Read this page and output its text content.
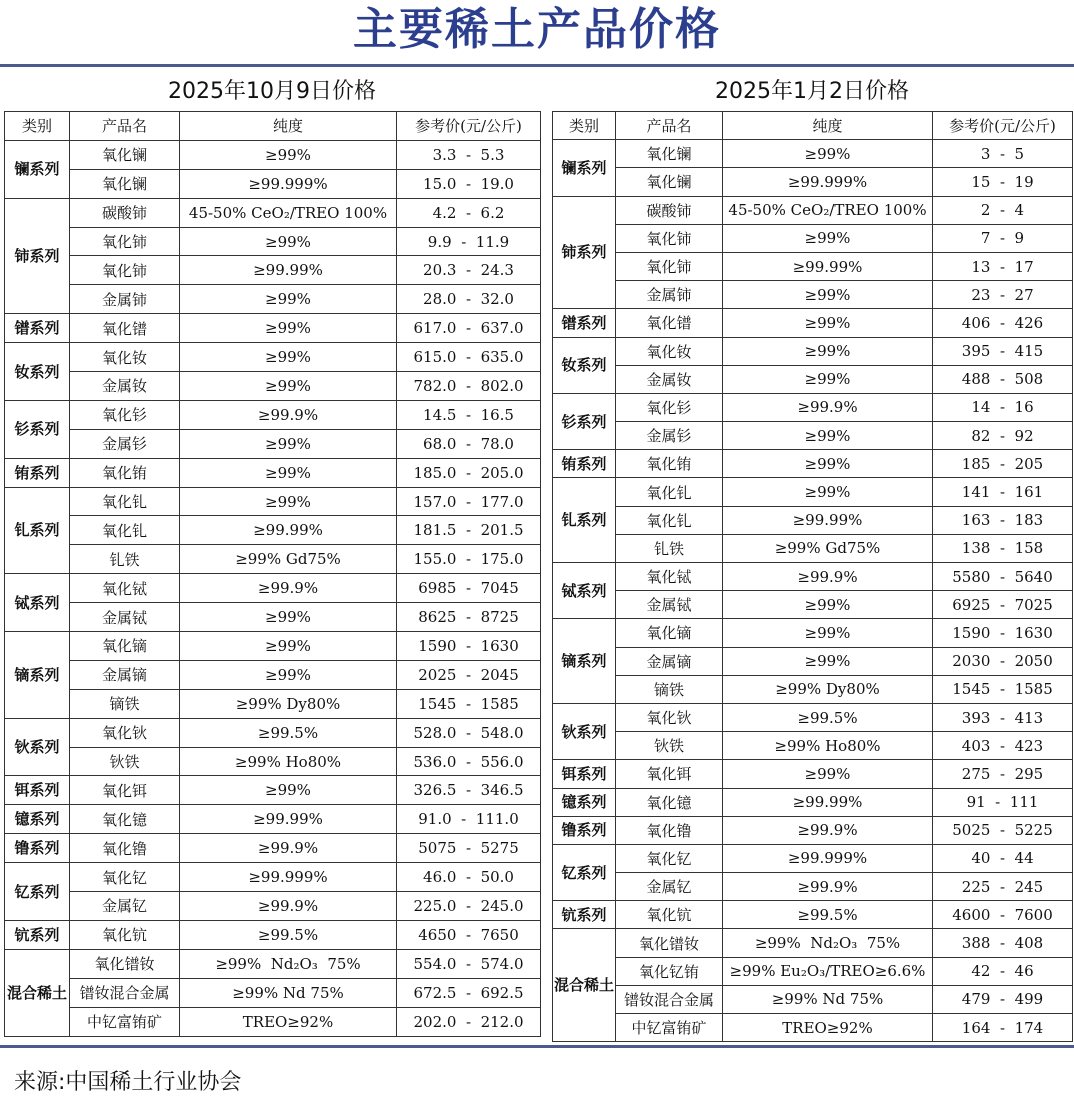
主要稀土产品价格
2025年10月9日价格	2025年1月2日价格
类别	产品名	纯度	参考价(元/公斤)
镧系列	氧化镧	≥99%	3.3  -  5.3
	氧化镧	≥99.999%	15.0  -  19.0
铈系列	碳酸铈	45-50% CeO₂/TREO 100%	4.2  -  6.2
	氧化铈	≥99%	9.9  -  11.9
	氧化铈	≥99.99%	20.3  -  24.3
	金属铈	≥99%	28.0  -  32.0
镨系列	氧化镨	≥99%	617.0  -  637.0
钕系列	氧化钕	≥99%	615.0  -  635.0
	金属钕	≥99%	782.0  -  802.0
钐系列	氧化钐	≥99.9%	14.5  -  16.5
	金属钐	≥99%	68.0  -  78.0
铕系列	氧化铕	≥99%	185.0  -  205.0
钆系列	氧化钆	≥99%	157.0  -  177.0
	氧化钆	≥99.99%	181.5  -  201.5
	钆铁	≥99% Gd75%	155.0  -  175.0
铽系列	氧化铽	≥99.9%	6985  -  7045
	金属铽	≥99%	8625  -  8725
镝系列	氧化镝	≥99%	1590  -  1630
	金属镝	≥99%	2025  -  2045
	镝铁	≥99% Dy80%	1545  -  1585
钬系列	氧化钬	≥99.5%	528.0  -  548.0
	钬铁	≥99% Ho80%	536.0  -  556.0
铒系列	氧化铒	≥99%	326.5  -  346.5
镱系列	氧化镱	≥99.99%	91.0  -  111.0
镥系列	氧化镥	≥99.9%	5075  -  5275
钇系列	氧化钇	≥99.999%	46.0  -  50.0
	金属钇	≥99.9%	225.0  -  245.0
钪系列	氧化钪	≥99.5%	4650  -  7650
混合稀土	氧化镨钕	≥99%  Nd₂O₃  75%	554.0  -  574.0
	镨钕混合金属	≥99% Nd 75%	672.5  -  692.5
	中钇富铕矿	TREO≥92%	202.0  -  212.0
类别	产品名	纯度	参考价(元/公斤)
镧系列	氧化镧	≥99%	3  -  5
	氧化镧	≥99.999%	15  -  19
铈系列	碳酸铈	45-50% CeO₂/TREO 100%	2  -  4
	氧化铈	≥99%	7  -  9
	氧化铈	≥99.99%	13  -  17
	金属铈	≥99%	23  -  27
镨系列	氧化镨	≥99%	406  -  426
钕系列	氧化钕	≥99%	395  -  415
	金属钕	≥99%	488  -  508
钐系列	氧化钐	≥99.9%	14  -  16
	金属钐	≥99%	82  -  92
铕系列	氧化铕	≥99%	185  -  205
钆系列	氧化钆	≥99%	141  -  161
	氧化钆	≥99.99%	163  -  183
	钆铁	≥99% Gd75%	138  -  158
铽系列	氧化铽	≥99.9%	5580  -  5640
	金属铽	≥99%	6925  -  7025
镝系列	氧化镝	≥99%	1590  -  1630
	金属镝	≥99%	2030  -  2050
	镝铁	≥99% Dy80%	1545  -  1585
钬系列	氧化钬	≥99.5%	393  -  413
	钬铁	≥99% Ho80%	403  -  423
铒系列	氧化铒	≥99%	275  -  295
镱系列	氧化镱	≥99.99%	91  -  111
镥系列	氧化镥	≥99.9%	5025  -  5225
钇系列	氧化钇	≥99.999%	40  -  44
	金属钇	≥99.9%	225  -  245
钪系列	氧化钪	≥99.5%	4600  -  7600
混合稀土	氧化镨钕	≥99%  Nd₂O₃  75%	388  -  408
	氧化钇铕	≥99% Eu₂O₃/TREO≥6.6%	42  -  46
	镨钕混合金属	≥99% Nd 75%	479  -  499
	中钇富铕矿	TREO≥92%	164  -  174
来源:中国稀土行业协会
